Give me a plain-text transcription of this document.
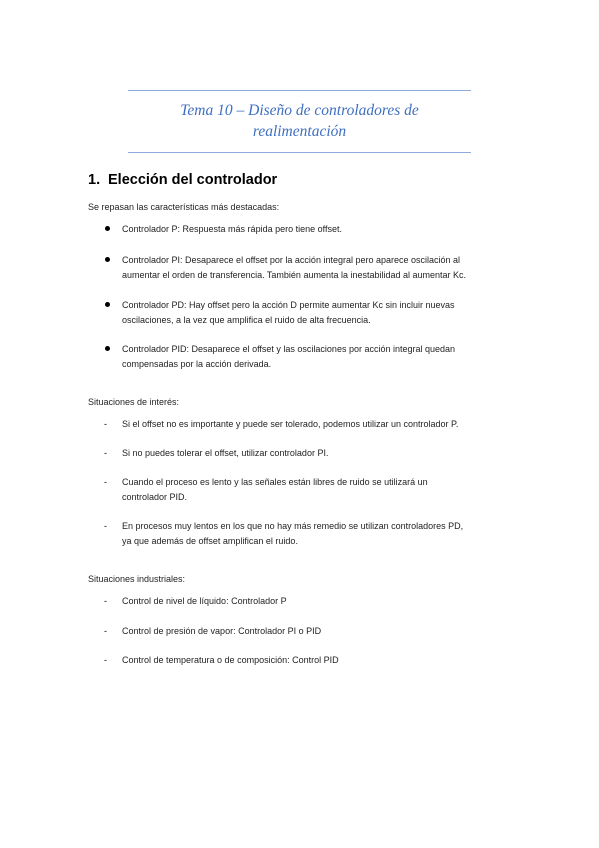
Tema 10 – Diseño de controladores de
realimentación
1. Elección del controlador
Se repasan las características más destacadas:
Controlador P: Respuesta más rápida pero tiene offset.
Controlador PI: Desaparece el offset por la acción integral pero aparece oscilación al
aumentar el orden de transferencia. También aumenta la inestabilidad al aumentar Kc.
Controlador PD: Hay offset pero la acción D permite aumentar Kc sin incluir nuevas
oscilaciones, a la vez que amplifica el ruido de alta frecuencia.
Controlador PID: Desaparece el offset y las oscilaciones por acción integral quedan
compensadas por la acción derivada.
Situaciones de interés:
- Si el offset no es importante y puede ser tolerado, podemos utilizar un controlador P.
- Si no puedes tolerar el offset, utilizar controlador PI.
- Cuando el proceso es lento y las señales están libres de ruido se utilizará un
controlador PID.
- En procesos muy lentos en los que no hay más remedio se utilizan controladores PD,
ya que además de offset amplifican el ruido.
Situaciones industriales:
- Control de nivel de líquido: Controlador P
- Control de presión de vapor: Controlador PI o PID
- Control de temperatura o de composición: Control PID
